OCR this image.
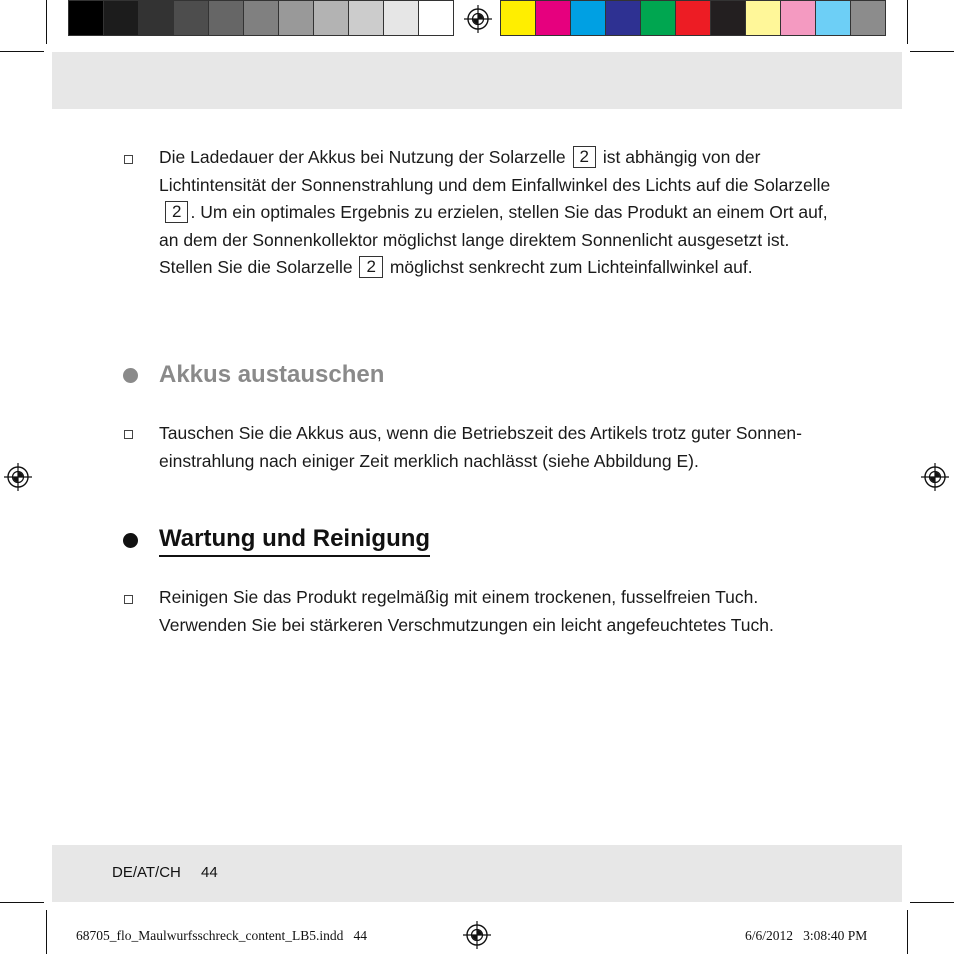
Die Ladedauer der Akkus bei Nutzung der Solarzelle 2 ist abhängig von der Lichtintensität der Sonnenstrahlung und dem Einfallwinkel des Lichts auf die Solarzelle2 . Um ein optimales Ergebnis zu erzielen, stellen Sie das Produkt an einem Ort auf, an dem der Sonnenkollektor möglichst lange direktem Sonnenlicht ausgesetzt ist. Stellen Sie die Solarzelle 2 möglichst senkrecht zum Lichteinfallwinkel auf.
Akkus austauschen
Tauschen Sie die Akkus aus, wenn die Betriebszeit des Artikels trotz guter Sonnen-einstrahlung nach einiger Zeit merklich nachlässt (siehe Abbildung E).
Wartung und Reinigung
Reinigen Sie das Produkt regelmäßig mit einem trockenen, fusselfreien Tuch. Verwenden Sie bei stärkeren Verschmutzungen ein leicht angefeuchtetes Tuch.
DE/AT/CH 44
68705_flo_Maulwurfsschreck_content_LB5.indd   44	6/6/2012   3:08:40 PM
